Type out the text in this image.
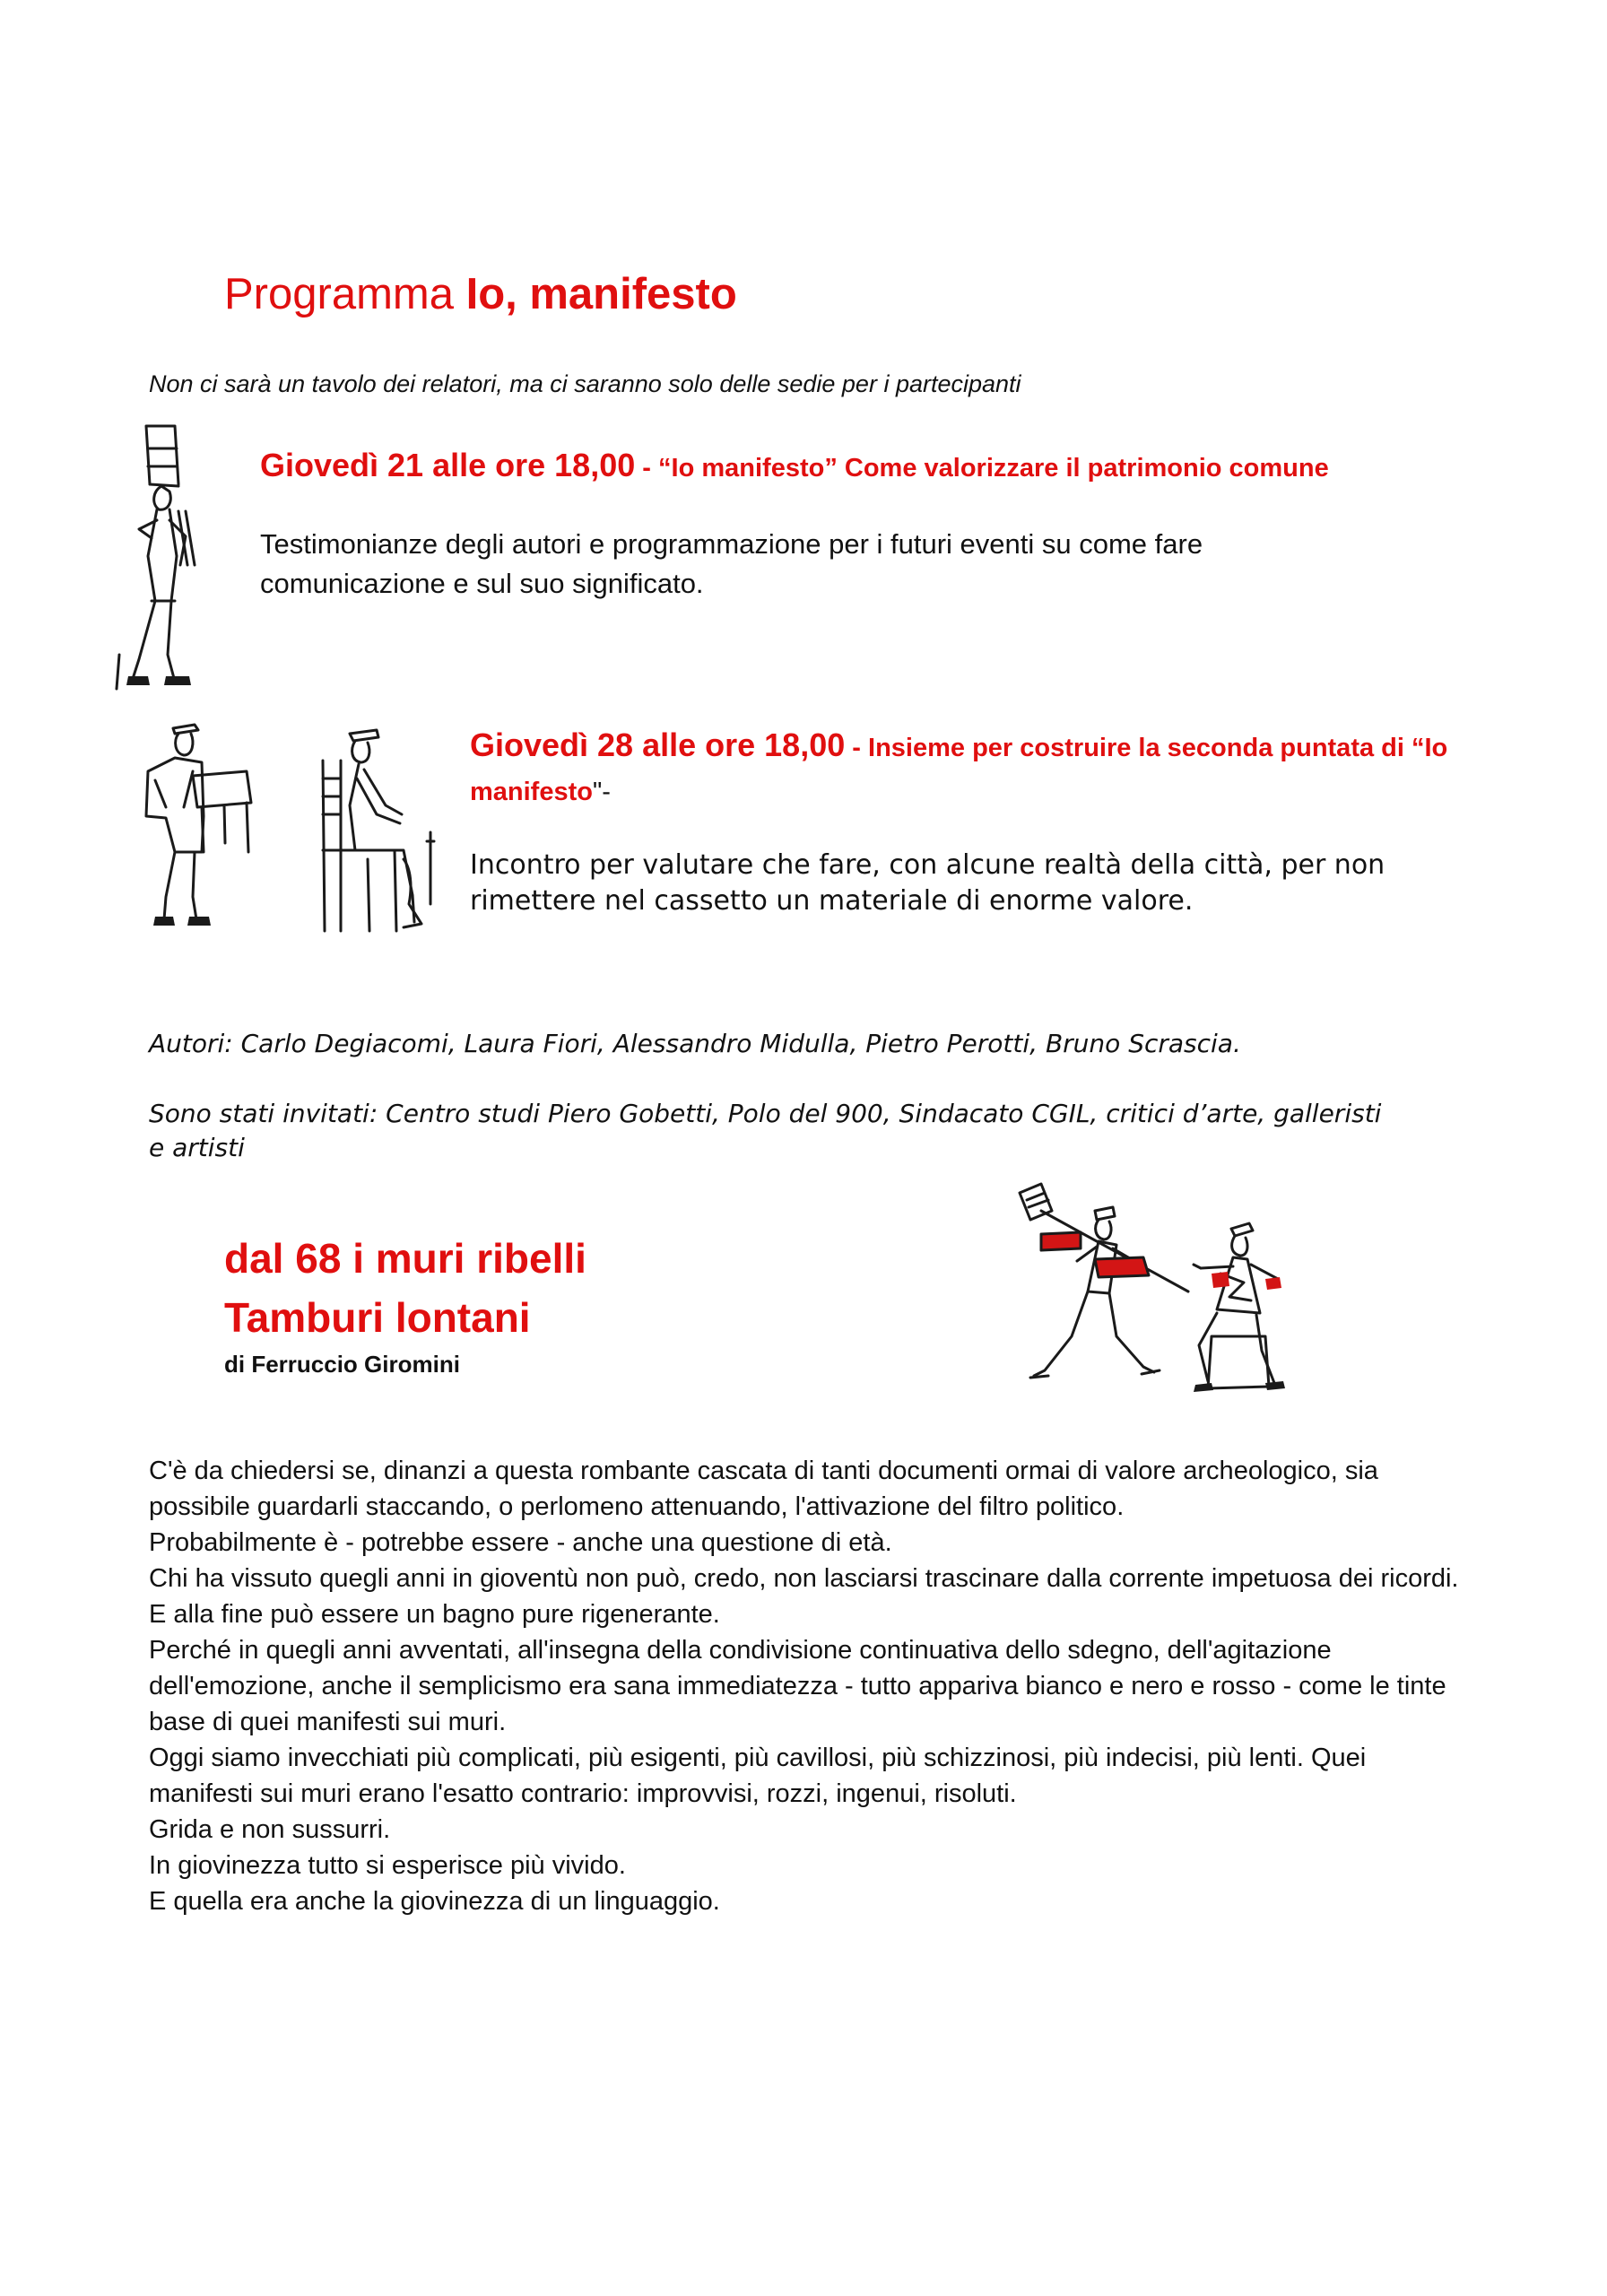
Programma Io, manifesto
Non ci sarà un tavolo dei relatori, ma ci saranno solo delle sedie per i partecipanti
Giovedì 21 alle ore 18,00 - “Io manifesto” Come valorizzare il patrimonio comune
Testimonianze degli autori e programmazione per i futuri eventi su come fare comunicazione e sul suo significato.
Giovedì 28 alle ore 18,00 - Insieme per costruire la seconda puntata di “Io manifesto"-
Incontro per valutare che fare, con alcune realtà della città, per non rimettere nel cassetto un materiale di enorme valore.
Autori: Carlo Degiacomi, Laura Fiori, Alessandro Midulla, Pietro Perotti, Bruno Scrascia.
Sono stati invitati: Centro studi Piero Gobetti, Polo del 900, Sindacato CGIL, critici d’arte, galleristi e artisti
dal 68 i muri ribelli
Tamburi lontani
di Ferruccio Giromini

C'è da chiedersi se, dinanzi a questa rombante cascata di tanti documenti ormai di valore archeologico, sia possibile guardarli staccando, o perlomeno attenuando, l'attivazione del filtro politico.

Probabilmente è - potrebbe essere - anche una questione di età.

Chi ha vissuto quegli anni in gioventù non può, credo, non lasciarsi trascinare dalla corrente impetuosa dei ricordi.

E alla fine può essere un bagno pure rigenerante.

Perché in quegli anni avventati, all'insegna della condivisione continuativa dello sdegno, dell'agitazione dell'emozione, anche il semplicismo era sana immediatezza - tutto appariva bianco e nero e rosso - come le tinte base di quei manifesti sui muri.

Oggi siamo invecchiati più complicati, più esigenti, più cavillosi, più schizzinosi, più indecisi, più lenti. Quei manifesti sui muri erano l'esatto contrario: improvvisi, rozzi, ingenui, risoluti.

Grida e non sussurri.

In giovinezza tutto si esperisce più vivido.

E quella era anche la giovinezza di un linguaggio.
